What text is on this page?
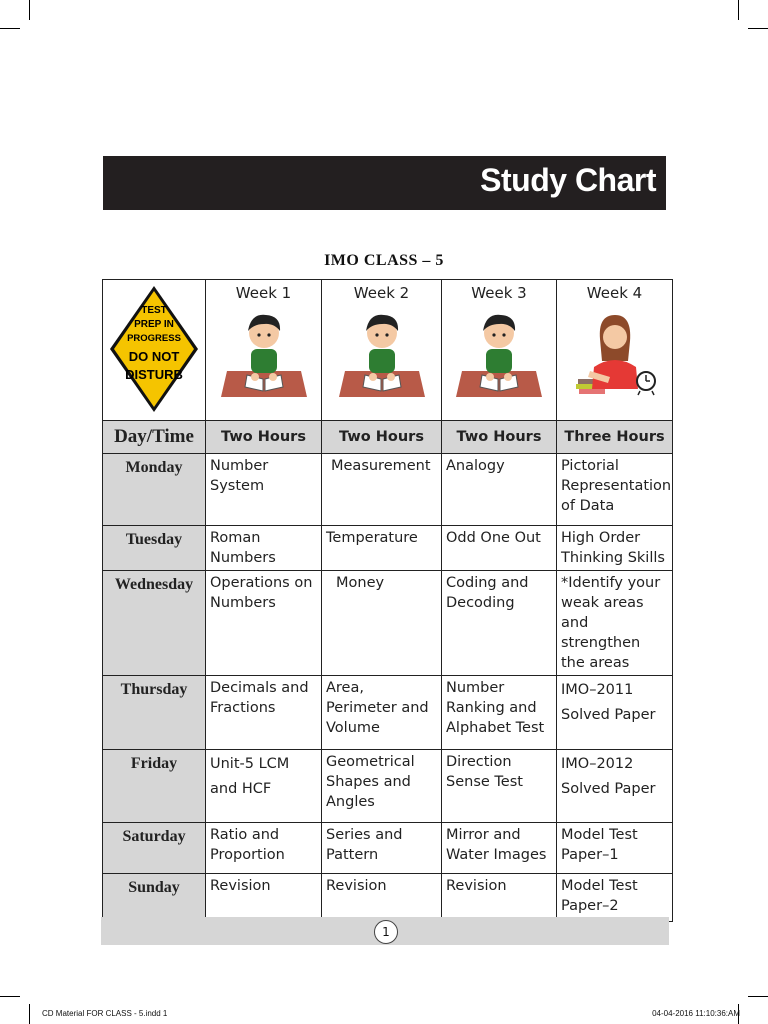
Study Chart
IMO CLASS – 5
TEST
PREP IN
PROGRESS
DO NOT
DISTURB	Week 1	Week 2	Week 3	Week 4

Day/Time	Two Hours	Two Hours	Two Hours	Three Hours
Monday	Number System	Measurement	Analogy	Pictorial Representation of Data
Tuesday	Roman Numbers	Temperature	Odd One Out	High Order Thinking Skills
Wednesday	Operations on Numbers	Money	Coding and Decoding	*Identify your weak areas and strengthen the areas
Thursday	Decimals and Fractions	Area, Perimeter and Volume	Number Ranking and Alphabet Test	IMO–2011 Solved Paper
Friday	Unit-5 LCM and HCF	Geometrical Shapes and Angles	Direction Sense Test	IMO–2012 Solved Paper
Saturday	Ratio and Proportion	Series and Pattern	Mirror and Water Images	Model Test Paper–1
Sunday	Revision	Revision	Revision	Model Test Paper–2
1
CD Material FOR CLASS - 5.indd 1	04-04-2016 11:10:36:AM
